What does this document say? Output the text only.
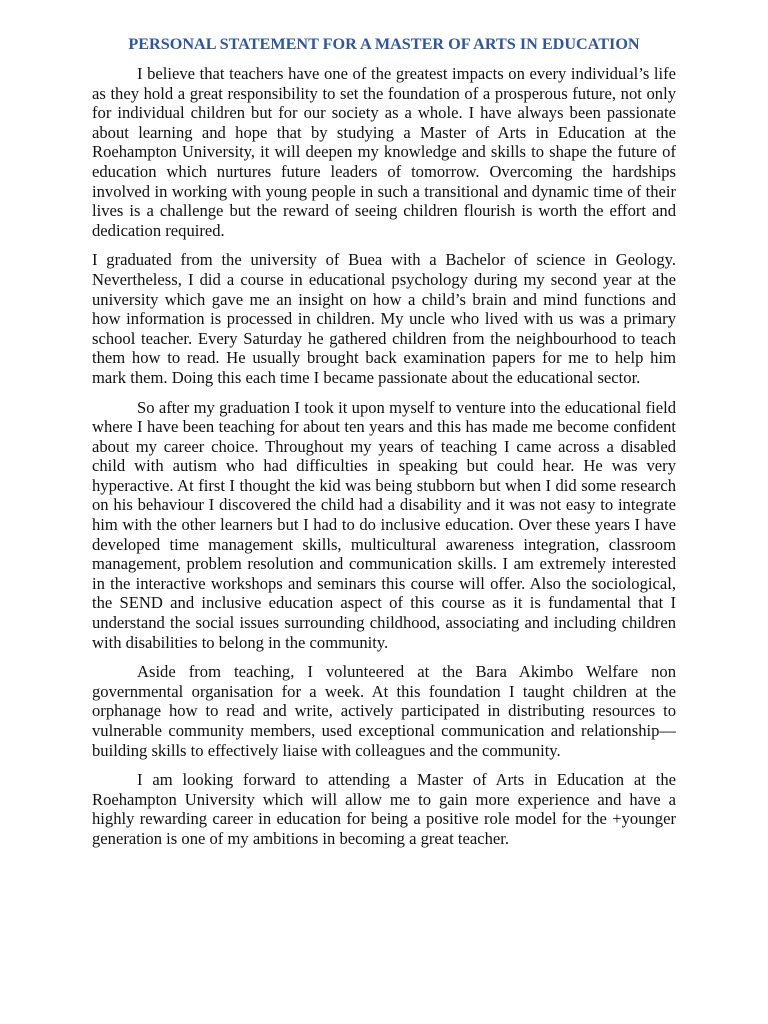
PERSONAL STATEMENT FOR A MASTER OF ARTS IN EDUCATION

I believe that teachers have one of the greatest impacts on every individual’s life as they hold a great responsibility to set the foundation of a prosperous future, not only for individual children but for our society as a whole. I have always been passionate about learning and hope that by studying a Master of Arts in Education at the Roehampton University, it will deepen my knowledge and skills to shape the future of education which nurtures future leaders of tomorrow. Overcoming the hardships involved in working with young people in such a transitional and dynamic time of their lives is a challenge but the reward of seeing children flourish is worth the effort and dedication required.

I graduated from the university of Buea with a Bachelor of science in Geology. Nevertheless, I did a course in educational psychology during my second year at the university which gave me an insight on how a child’s brain and mind functions and how information is processed in children. My uncle who lived with us was a primary school teacher. Every Saturday he gathered children from the neighbourhood to teach them how to read. He usually brought back examination papers for me to help him mark them. Doing this each time I became passionate about the educational sector.

So after my graduation I took it upon myself to venture into the educational field where I have been teaching for about ten years and this has made me become confident about my career choice. Throughout my years of teaching I came across a disabled child with autism who had difficulties in speaking but could hear. He was very hyperactive. At first I thought the kid was being stubborn but when I did some research on his behaviour I discovered the child had a disability and it was not easy to integrate him with the other learners but I had to do inclusive education. Over these years I have developed time management skills, multicultural awareness integration, classroom management, problem resolution and communication skills. I am extremely interested in the interactive workshops and seminars this course will offer. Also the sociological, the SEND and inclusive education aspect of this course as it is fundamental that I understand the social issues surrounding childhood, associating and including children with disabilities to belong in the community.

Aside from teaching, I volunteered at the Bara Akimbo Welfare non governmental organisation for a week. At this foundation I taught children at the orphanage how to read and write, actively participated in distributing resources to vulnerable community members, used exceptional communication and relationship—building skills to effectively liaise with colleagues and the community.

I am looking forward to attending a Master of Arts in Education at the Roehampton University which will allow me to gain more experience and have a highly rewarding career in education for being a positive role model for the +younger generation is one of my ambitions in becoming a great teacher.
